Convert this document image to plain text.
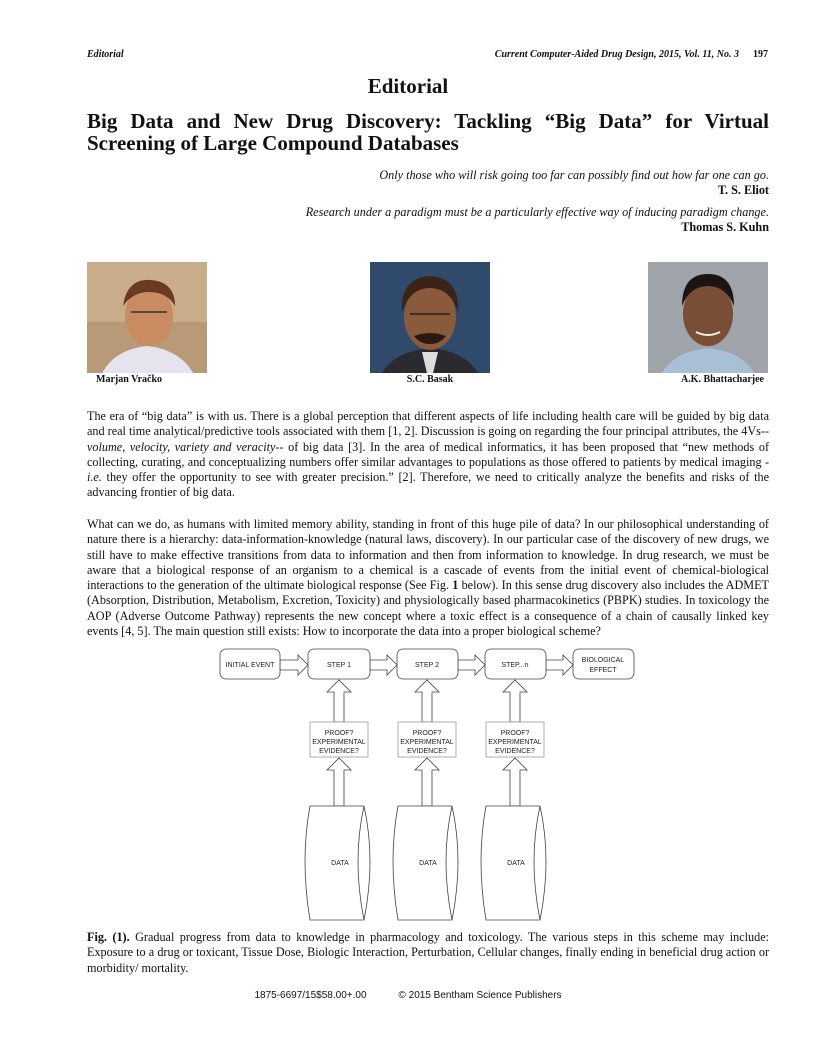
Editorial	Current Computer-Aided Drug Design, 2015, Vol. 11, No. 3 197
Editorial
Big Data and New Drug Discovery: Tackling “Big Data” for Virtual Screening of Large Compound Databases
Only those who will risk going too far can possibly find out how far one can go.
T. S. Eliot
Research under a paradigm must be a particularly effective way of inducing paradigm change.
Thomas S. Kuhn
Marjan Vračko	S.C. Basak	A.K. Bhattacharjee
The era of “big data” is with us. There is a global perception that different aspects of life including health care will be guided by big data and real time analytical/predictive tools associated with them [1, 2]. Discussion is going on regarding the four principal attributes, the 4Vs-- volume, velocity, variety and veracity-- of big data [3]. In the area of medical informatics, it has been proposed that “new methods of collecting, curating, and conceptualizing numbers offer similar advantages to populations as those offered to patients by medical imaging - i.e. they offer the opportunity to see with greater precision.” [2]. Therefore, we need to critically analyze the benefits and risks of the advancing frontier of big data.
What can we do, as humans with limited memory ability, standing in front of this huge pile of data? In our philosophical understanding of nature there is a hierarchy: data-information-knowledge (natural laws, discovery). In our particular case of the discovery of new drugs, we still have to make effective transitions from data to information and then from information to knowledge. In drug research, we must be aware that a biological response of an organism to a chemical is a cascade of events from the initial event of chemical-biological interactions to the generation of the ultimate biological response (See Fig. 1 below). In this sense drug discovery also includes the ADMET (Absorption, Distribution, Metabolism, Excretion, Toxicity) and physiologically based pharmacokinetics (PBPK) studies. In toxicology the AOP (Adverse Outcome Pathway) represents the new concept where a toxic effect is a consequence of a chain of causally linked key events [4, 5]. The main question still exists: How to incorporate the data into a proper biological scheme?
INITIAL EVENT	STEP 1	STEP 2	STEP...n
BIOLOGICAL
EFFECT
PROOF?
EXPERIMENTAL
EVIDENCE?
DATA
PROOF?
EXPERIMENTAL
EVIDENCE?
DATA
PROOF?
EXPERIMENTAL
EVIDENCE?
DATA
Fig. (1). Gradual progress from data to knowledge in pharmacology and toxicology. The various steps in this scheme may include: Exposure to a drug or toxicant, Tissue Dose, Biologic Interaction, Perturbation, Cellular changes, finally ending in beneficial drug action or morbidity/ mortality.
1875-6697/15$58.00+.00	© 2015 Bentham Science Publishers
